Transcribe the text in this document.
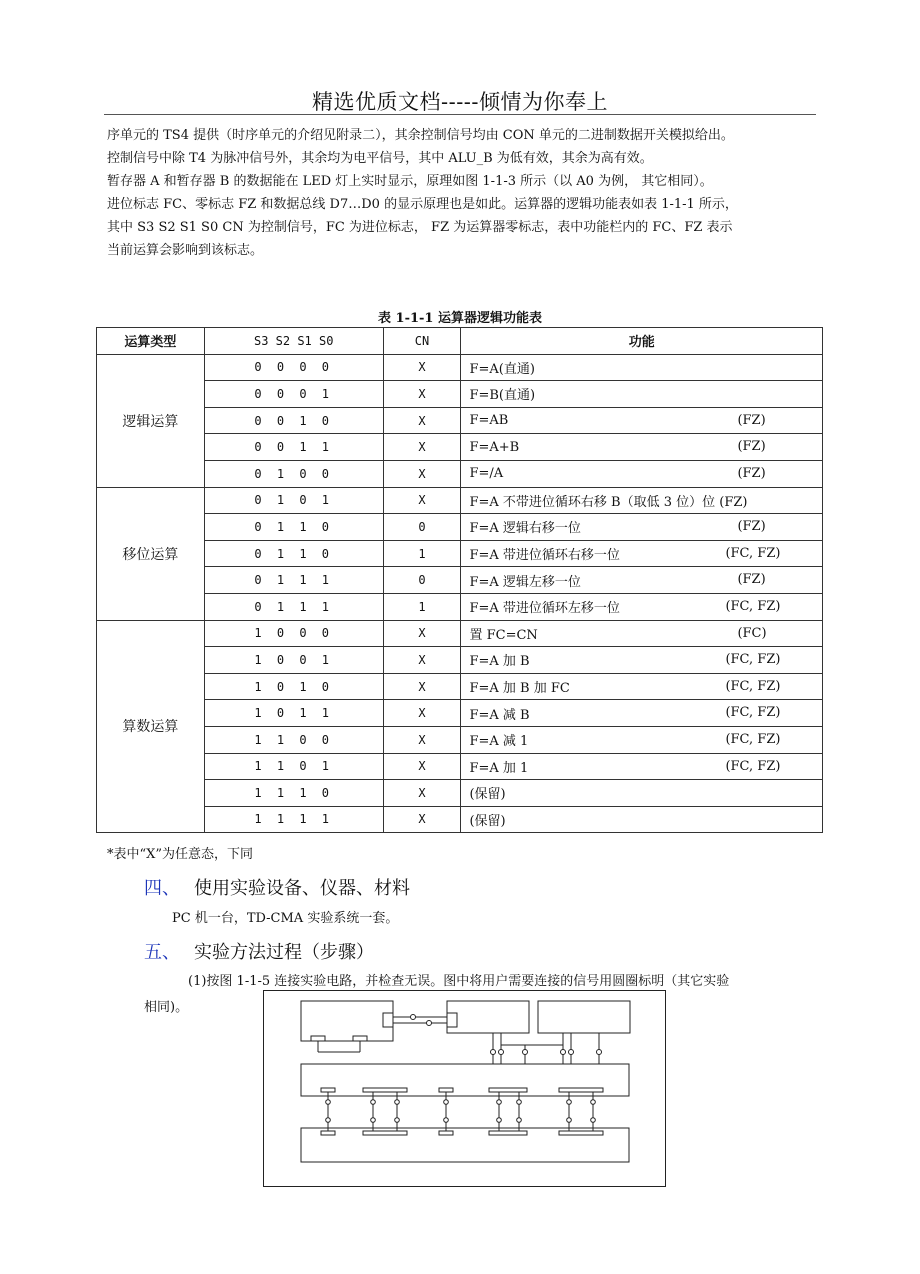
精选优质文档-----倾情为你奉上
序单元的 TS4 提供（时序单元的介绍见附录二），其余控制信号均由 CON 单元的二进制数据开关模拟给出。
控制信号中除 T4 为脉冲信号外，其余均为电平信号，其中 ALU_B 为低有效，其余为高有效。
暂存器 A 和暂存器 B 的数据能在 LED 灯上实时显示，原理如图 1-1-3 所示（以 A0 为例， 其它相同）。
进位标志 FC、零标志 FZ 和数据总线 D7…D0 的显示原理也是如此。运算器的逻辑功能表如表 1-1-1 所示，
其中 S3 S2 S1 S0 CN 为控制信号，FC 为进位标志， FZ 为运算器零标志，表中功能栏内的 FC、FZ 表示
当前运算会影响到该标志。
表 1-1-1 运算器逻辑功能表
运算类型	S3 S2 S1 S0	CN	功能
逻辑运算	0 0 0 0	X	F=A(直通)
	0 0 0 1	X	F=B(直通)
	0 0 1 0	X	F=AB (FZ)

	0 0 1 1	X	F=A+B (FZ)

	0 1 0 0	X	F=/A (FZ)

移位运算	0 1 0 1	X	F=A 不带进位循环右移 B（取低 3 位）位 (FZ)
	0 1 1 0	0	F=A 逻辑右移一位 (FZ)

	0 1 1 0	1	F=A 带进位循环右移一位 (FC, FZ)

	0 1 1 1	0	F=A 逻辑左移一位 (FZ)

	0 1 1 1	1	F=A 带进位循环左移一位 (FC, FZ)

算数运算	1 0 0 0	X	置 FC=CN (FC)

	1 0 0 1	X	F=A 加 B (FC, FZ)

	1 0 1 0	X	F=A 加 B 加 FC (FC, FZ)

	1 0 1 1	X	F=A 减 B (FC, FZ)

	1 1 0 0	X	F=A 减 1 (FC, FZ)

	1 1 0 1	X	F=A 加 1 (FC, FZ)

	1 1 1 0	X	(保留)
	1 1 1 1	X	(保留)
*表中“X”为任意态，下同
四、 使用实验设备、仪器、材料
PC 机一台，TD-CMA 实验系统一套。
五、 实验方法过程（步骤）
(1)按图 1-1-5 连接实验电路，并检查无误。图中将用户需要连接的信号用圆圈标明（其它实验
相同)。
